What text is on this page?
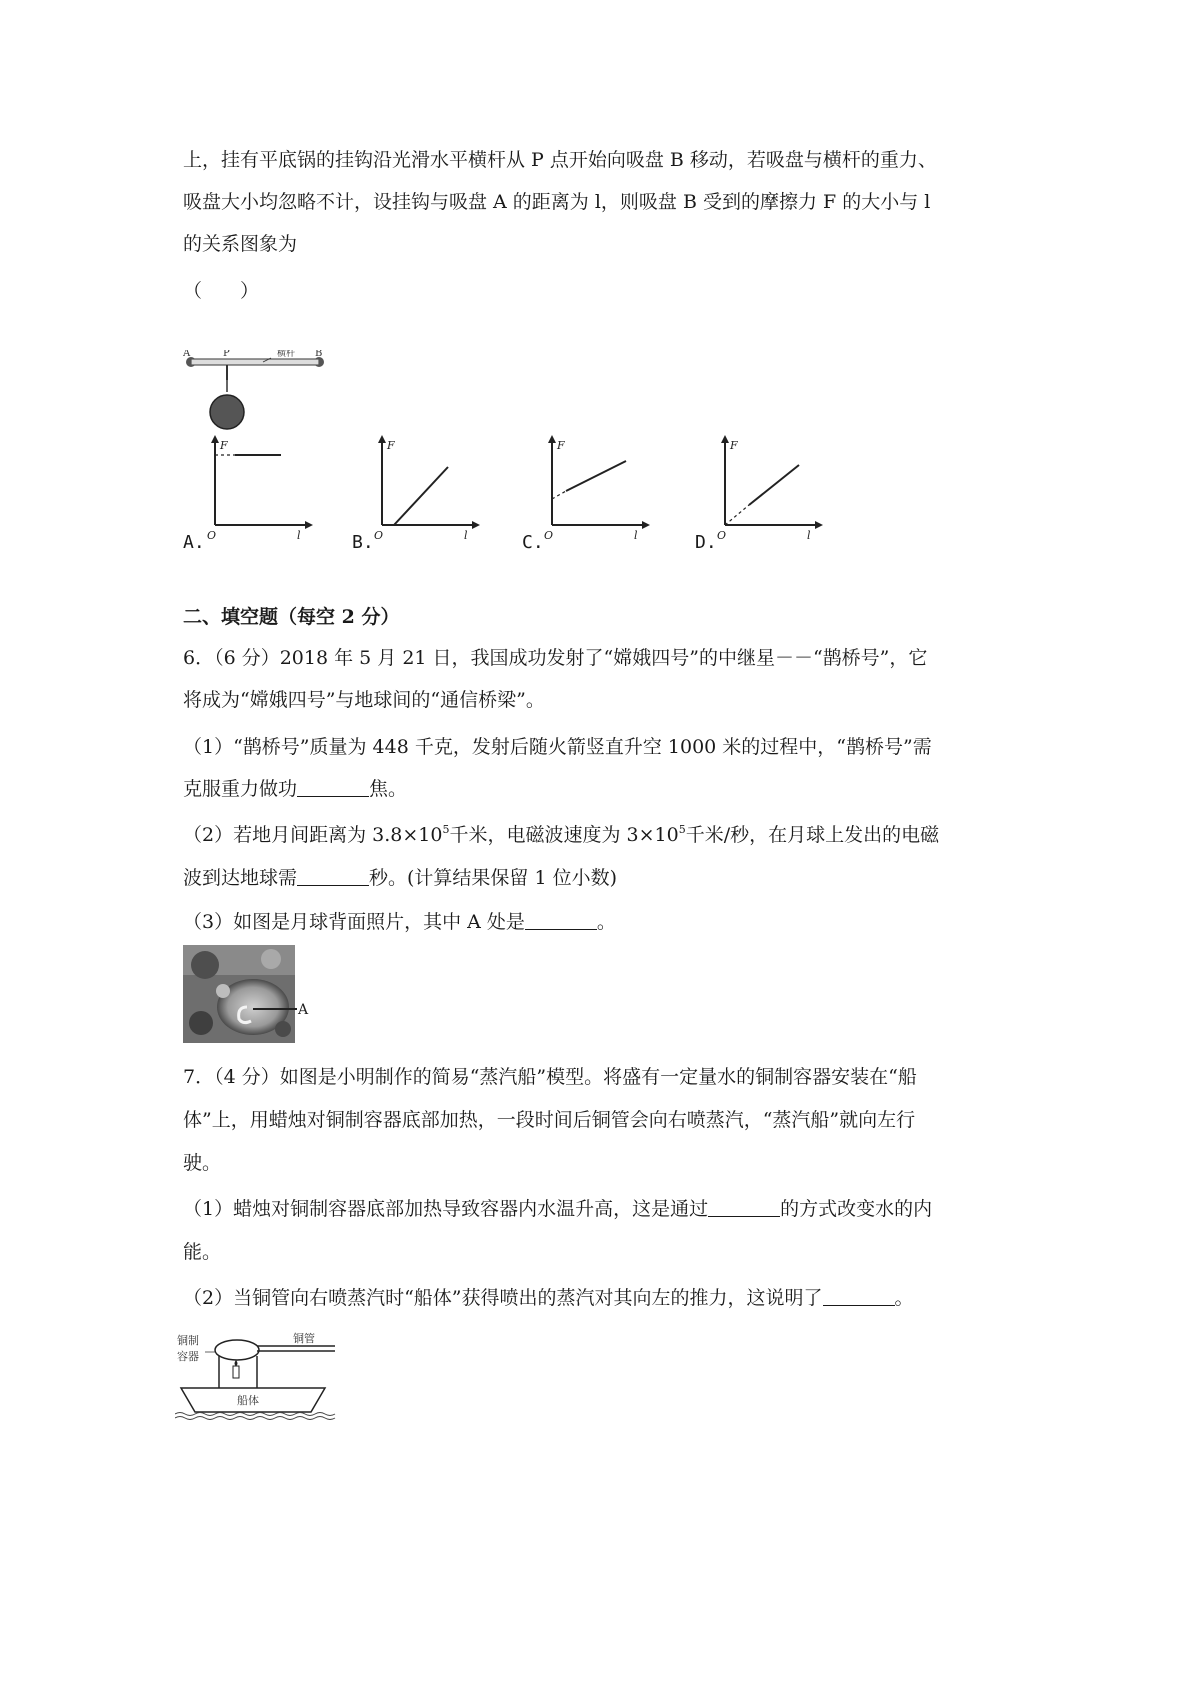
上，挂有平底锅的挂钩沿光滑水平横杆从 P 点开始向吸盘 B 移动，若吸盘与横杆的重力、
吸盘大小均忽略不计，设挂钩与吸盘 A 的距离为 l，则吸盘 B 受到的摩擦力 F 的大小与 l
的关系图象为
（　　）
A	P	横杆 B
A.
F
O	l	B.
F
O	l	C.
F
O	l	D.
F
O	l
二、填空题（每空 2 分）
6．（6 分）2018 年 5 月 21 日，我国成功发射了“嫦娥四号”的中继星－－“鹊桥号”，它
将成为“嫦娥四号”与地球间的“通信桥梁”。
（1）“鹊桥号”质量为 448 千克，发射后随火箭竖直升空 1000 米的过程中，“鹊桥号”需
克服重力做功	焦。
（2）若地月间距离为 $3.8\times 10^5$千米，电磁波速度为 $3\times 10^5$千米/秒，在月球上发出的电磁
波到达地球需	秒。(计算结果保留 1 位小数)
（3）如图是月球背面照片，其中 A 处是	。
A
7．（4 分）如图是小明制作的简易“蒸汽船”模型。将盛有一定量水的铜制容器安装在“船
体”上，用蜡烛对铜制容器底部加热，一段时间后铜管会向右喷蒸汽，“蒸汽船”就向左行
驶。
（1）蜡烛对铜制容器底部加热导致容器内水温升高，这是通过	的方式改变水的内
能。
（2）当铜管向右喷蒸汽时“船体”获得喷出的蒸汽对其向左的推力，这说明了	。
铜制
容器
铜管
船体
